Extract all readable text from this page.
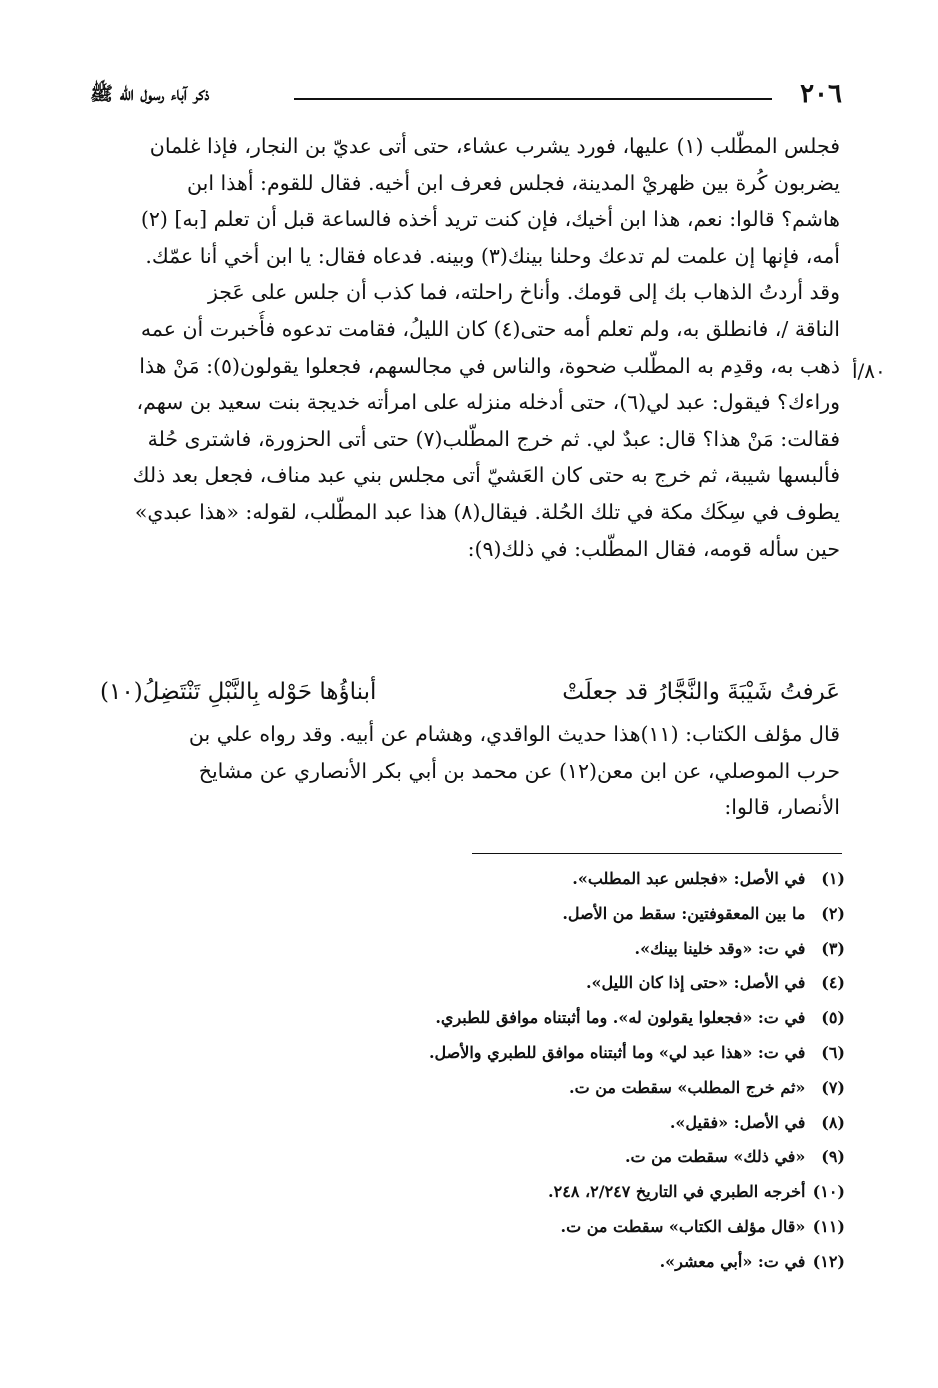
٢٠٦
ذكر آباء رسول الله ﷺ
٨٠/أ
فجلس المطّلب (١) عليها، فورد يشرب عشاء، حتى أتى عديّ بن النجار، فإذا غلمان
يضربون كُرة بين ظهريْ المدينة، فجلس فعرف ابن أخيه. فقال للقوم: أهذا ابن
هاشم؟ قالوا: نعم، هذا ابن أخيك، فإن كنت تريد أخذه فالساعة قبل أن تعلم [به] (٢)
أمه، فإنها إن علمت لم تدعك وحلنا بينك(٣) وبينه. فدعاه فقال: يا ابن أخي أنا عمّك.
وقد أردتُ الذهاب بك إلى قومك. وأناخ راحلته، فما كذب أن جلس على عَجز
الناقة /، فانطلق به، ولم تعلم أمه حتى(٤) كان الليلُ، فقامت تدعوه فأُخبرت أن عمه
ذهب به، وقدِم به المطّلب ضحوة، والناس في مجالسهم، فجعلوا يقولون(٥): مَنْ هذا
وراءك؟ فيقول: عبد لي(٦)، حتى أدخله منزله على امرأته خديجة بنت سعيد بن سهم،
فقالت: مَنْ هذا؟ قال: عبدٌ لي. ثم خرج المطّلب(٧) حتى أتى الحزورة، فاشترى حُلة
فألبسها شيبة، ثم خرج به حتى كان العَشيّ أتى مجلس بني عبد مناف، فجعل بعد ذلك
يطوف في سِكَك مكة في تلك الحُلة. فيقال(٨) هذا عبد المطّلب، لقوله: «هذا عبدي»
حين سأله قومه، فقال المطّلب: في ذلك(٩):
عَرفتُ شَيْبَةَ والنَّجَّارُ قد جعلَتْ
أبناؤُها حَوْله بِالنَّبْلِ تَنْتَضِلُ(١٠)
قال مؤلف الكتاب: (١١)هذا حديث الواقدي، وهشام عن أبيه. وقد رواه علي بن
حرب الموصلي، عن ابن معن(١٢) عن محمد بن أبي بكر الأنصاري عن مشايخ
الأنصار، قالوا:
(١) في الأصل: «فجلس عبد المطلب».
(٢) ما بين المعقوفتين: سقط من الأصل.
(٣) في ت: «وقد خلينا بينك».
(٤) في الأصل: «حتى إذا كان الليل».
(٥) في ت: «فجعلوا يقولون له». وما أثبتناه موافق للطبري.
(٦) في ت: «هذا عبد لي» وما أثبتناه موافق للطبري والأصل.
(٧) «ثم خرج المطلب» سقطت من ت.
(٨) في الأصل: «فقيل».
(٩) «في ذلك» سقطت من ت.
(١٠) أخرجه الطبري في التاريخ ٢/٢٤٧، ٢٤٨.
(١١) «قال مؤلف الكتاب» سقطت من ت.
(١٢) في ت: «أبي معشر».
